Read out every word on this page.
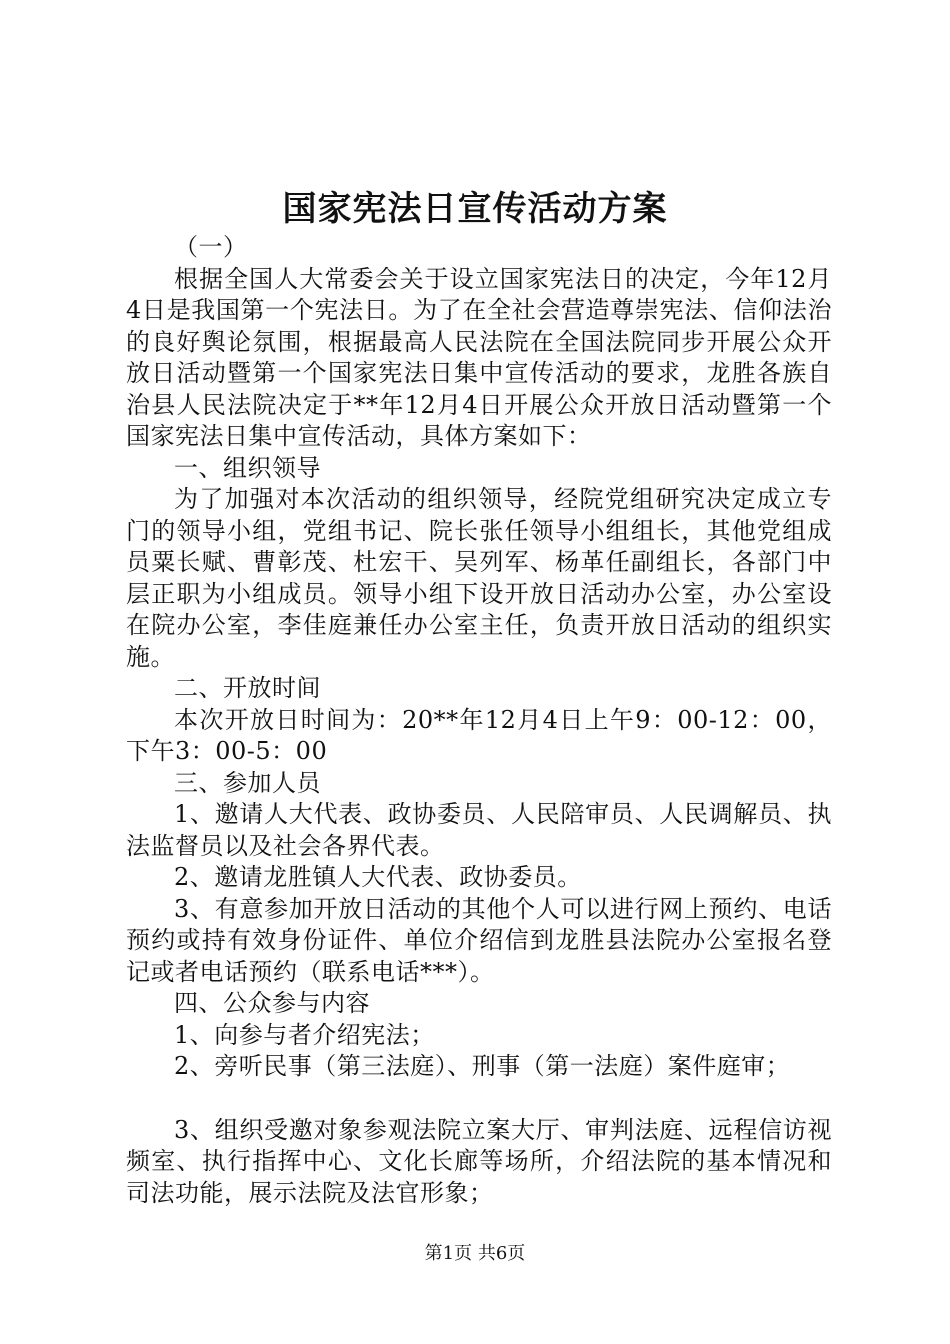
国家宪法日宣传活动方案

（一）

根据全国人大常委会关于设立国家宪法日的决定，今年12月4日是我国第一个宪法日。为了在全社会营造尊崇宪法、信仰法治的良好舆论氛围，根据最高人民法院在全国法院同步开展公众开放日活动暨第一个国家宪法日集中宣传活动的要求，龙胜各族自治县人民法院决定于**年12月4日开展公众开放日活动暨第一个国家宪法日集中宣传活动，具体方案如下：

一、组织领导

为了加强对本次活动的组织领导，经院党组研究决定成立专门的领导小组，党组书记、院长张任领导小组组长，其他党组成员粟长赋、曹彰茂、杜宏干、吴列军、杨革任副组长，各部门中层正职为小组成员。领导小组下设开放日活动办公室，办公室设在院办公室，李佳庭兼任办公室主任，负责开放日活动的组织实施。

二、开放时间

本次开放日时间为：20**年12月4日上午9：00-12：00，下午3：00-5：00

三、参加人员

1、邀请人大代表、政协委员、人民陪审员、人民调解员、执法监督员以及社会各界代表。

2、邀请龙胜镇人大代表、政协委员。

3、有意参加开放日活动的其他个人可以进行网上预约、电话预约或持有效身份证件、单位介绍信到龙胜县法院办公室报名登记或者电话预约（联系电话***）。

四、公众参与内容

1、向参与者介绍宪法；

2、旁听民事（第三法庭）、刑事（第一法庭）案件庭审；

3、组织受邀对象参观法院立案大厅、审判法庭、远程信访视频室、执行指挥中心、文化长廊等场所，介绍法院的基本情况和司法功能，展示法院及法官形象；

第1页 共6页
